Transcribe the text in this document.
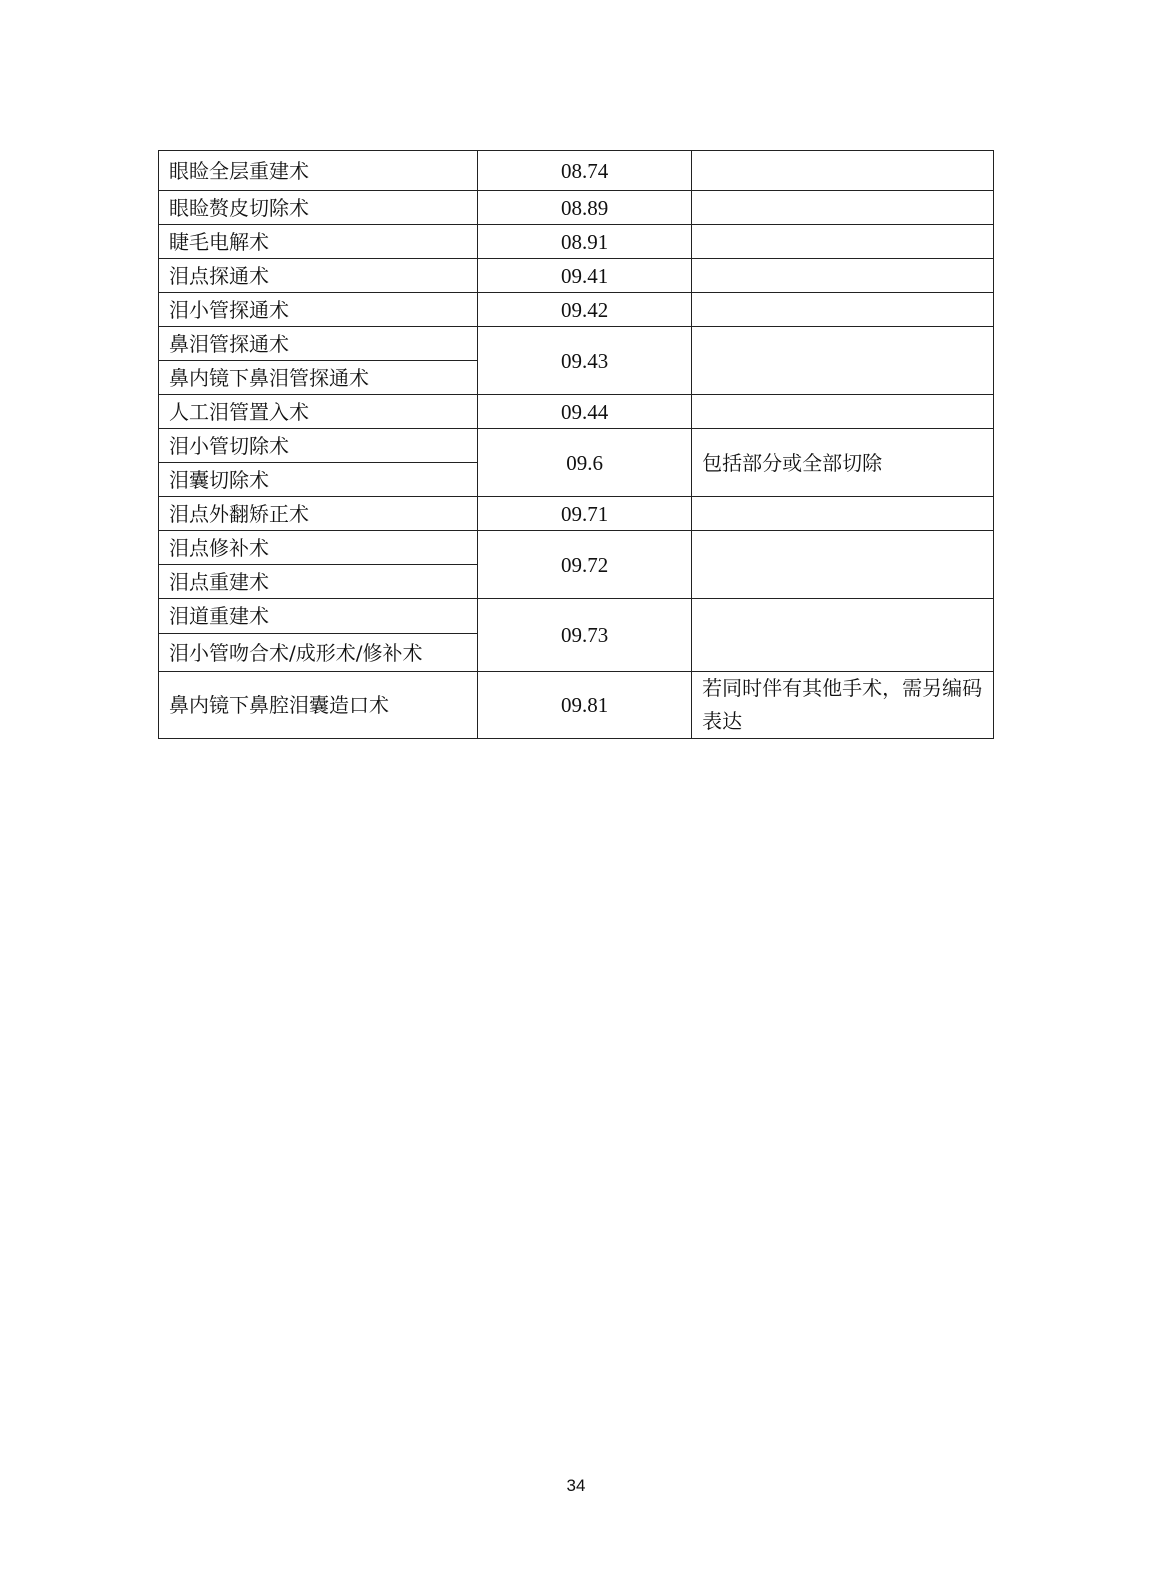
眼睑全层重建术	08.74	
眼睑赘皮切除术	08.89	
睫毛电解术	08.91	
泪点探通术	09.41	
泪小管探通术	09.42	
鼻泪管探通术	09.43	
鼻内镜下鼻泪管探通术		
人工泪管置入术	09.44	
泪小管切除术	09.6	包括部分或全部切除
泪囊切除术		
泪点外翻矫正术	09.71	
泪点修补术	09.72	
泪点重建术		
泪道重建术	09.73	
泪小管吻合术/成形术/修补术		
鼻内镜下鼻腔泪囊造口术	09.81	若同时伴有其他手术，需另编码表达
34
